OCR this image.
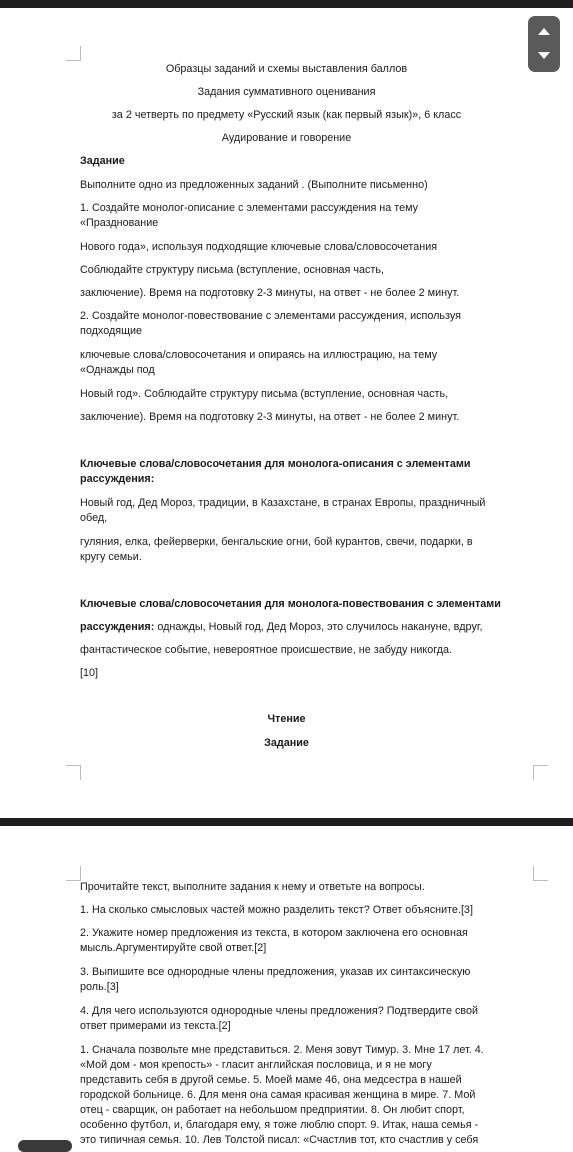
Образцы заданий и схемы выставления баллов
Задания суммативного оценивания
за 2 четверть по предмету «Русский язык (как первый язык)», 6 класс
Аудирование и говорение
Задание
Выполните одно из предложенных заданий . (Выполните письменно)
1. Создайте монолог-описание с элементами рассуждения на тему
«Празднование
Нового года», используя подходящие ключевые слова/словосочетания
Соблюдайте структуру письма (вступление, основная часть,
заключение). Время на подготовку 2-3 минуты, на ответ - не более 2 минут.
2. Создайте монолог-повествование с элементами рассуждения, используя
подходящие
ключевые слова/словосочетания и опираясь на иллюстрацию, на тему
«Однажды под
Новый год». Соблюдайте структуру письма (вступление, основная часть,
заключение). Время на подготовку 2-3 минуты, на ответ - не более 2 минут.
Ключевые слова/словосочетания для монолога-описания с элементами
рассуждения:
Новый год, Дед Мороз, традиции, в Казахстане, в странах Европы, праздничный
обед,
гуляния, елка, фейерверки, бенгальские огни, бой курантов, свечи, подарки, в
кругу семьи.
Ключевые слова/словосочетания для монолога-повествования с элементами
рассуждения: однажды, Новый год, Дед Мороз, это случилось накануне, вдруг,
фантастическое событие, невероятное происшествие, не забуду никогда.
[10]
Чтение
Задание
Прочитайте текст, выполните задания к нему и ответьте на вопросы.
1. На сколько смысловых частей можно разделить текст? Ответ объясните.[3]
2. Укажите номер предложения из текста, в котором заключена его основная
мысль.Аргументируйте свой ответ.[2]
3. Выпишите все однородные члены предложения, указав их синтаксическую
роль.[3]
4. Для чего используются однородные члены предложения? Подтвердите свой
ответ примерами из текста.[2]
1. Сначала позвольте мне представиться. 2. Меня зовут Тимур. 3. Мне 17 лет. 4.
«Мой дом - моя крепость» - гласит английская пословица, и я не могу
представить себя в другой семье. 5. Моей маме 46, она медсестра в нашей
городской больнице. 6. Для меня она самая красивая женщина в мире. 7. Мой
отец - сварщик, он работает на небольшом предприятии. 8. Он любит спорт,
особенно футбол, и, благодаря ему, я тоже люблю спорт. 9. Итак, наша семья -
это типичная семья. 10. Лев Толстой писал: «Счастлив тот, кто счастлив у себя
